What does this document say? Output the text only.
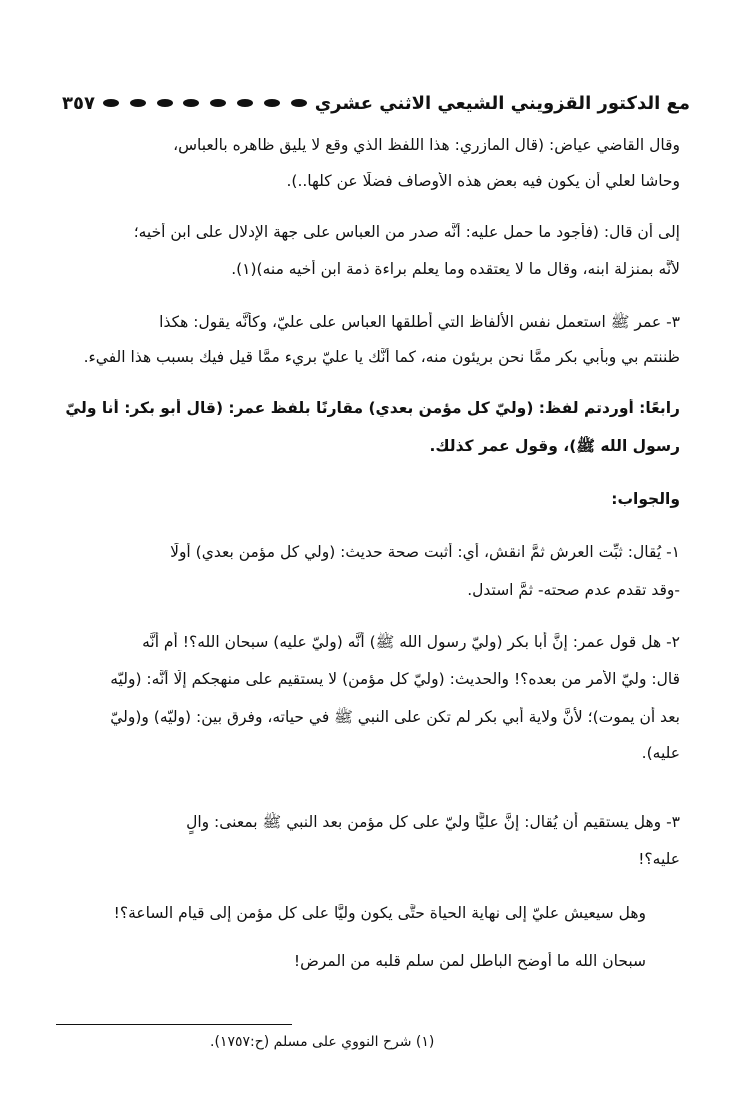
مع الدكتور القزويني الشيعي الاثني عشري
٣٥٧
وقال القاضي عياض: (قال المازري: هذا اللفظ الذي وقع لا يليق ظاهره بالعباس،
وحاشا لعلي أن يكون فيه بعض هذه الأوصاف فضلًا عن كلها..).
إلى أن قال: (فأجود ما حمل عليه: أنَّه صدر من العباس على جهة الإدلال على ابن أخيه؛
لأنَّه بمنزلة ابنه، وقال ما لا يعتقده وما يعلم براءة ذمة ابن أخيه منه)(١).
٣- عمر ﷺ استعمل نفس الألفاظ التي أطلقها العباس على عليّ، وكأنَّه يقول: هكذا
ظننتم بي وبأبي بكر ممَّا نحن بريئون منه، كما أنَّك يا عليّ بريء ممَّا قيل فيك بسبب هذا الفيء.
رابعًا: أوردتم لفظ: (وليّ كل مؤمن بعدي) مقارنًا بلفظ عمر: (قال أبو بكر: أنا وليّ
رسول الله ﷺ)، وقول عمر كذلك.
والجواب:
١- يُقال: ثبِّت العرش ثمَّ انقش، أي: أثبت صحة حديث: (ولي كل مؤمن بعدي) أولًا
-وقد تقدم عدم صحته- ثمَّ استدل.
٢- هل قول عمر: إنَّ أبا بكر (وليّ رسول الله ﷺ) أنَّه (وليّ عليه) سبحان الله؟! أم أنَّه
قال: وليّ الأمر من بعده؟! والحديث: (وليّ كل مؤمن) لا يستقيم على منهجكم إلَّا أنَّه: (وليّه
بعد أن يموت)؛ لأنَّ ولاية أبي بكر لم تكن على النبي ﷺ في حياته، وفرق بين: (وليّه) و(وليّ
عليه).
٣- وهل يستقيم أن يُقال: إنَّ عليًّا وليّ على كل مؤمن بعد النبي ﷺ بمعنى: والٍ
عليه؟!
وهل سيعيش عليّ إلى نهاية الحياة حتَّى يكون وليًّا على كل مؤمن إلى قيام الساعة؟!
سبحان الله ما أوضح الباطل لمن سلم قلبه من المرض!
(١) شرح النووي على مسلم (ح:١٧٥٧).
